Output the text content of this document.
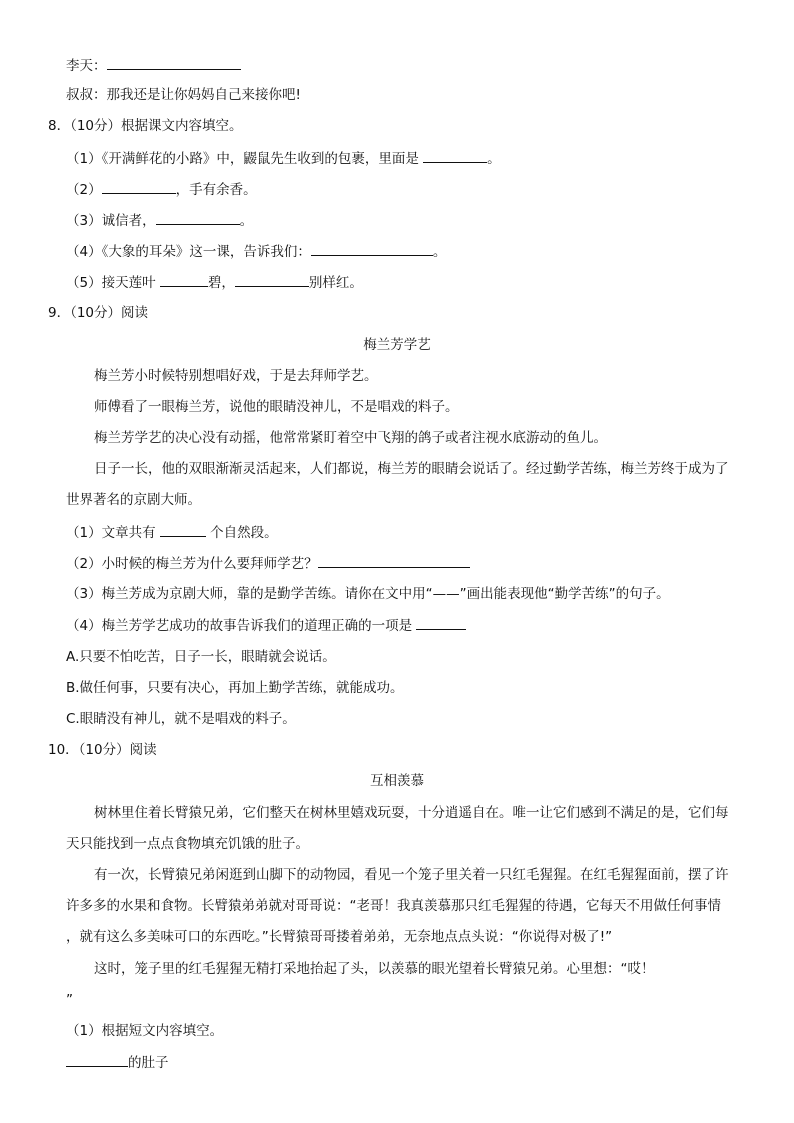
李天：
叔叔：那我还是让你妈妈自己来接你吧!
8．（10分）根据课文内容填空。
（1）《开满鲜花的小路》中，鼹鼠先生收到的包裹，里面是	。
（2）	，手有余香。
（3）诚信者，	。
（4）《大象的耳朵》这一课，告诉我们：	。
（5）接天莲叶	碧，	别样红。
9．（10分）阅读
梅兰芳学艺
梅兰芳小时候特别想唱好戏，于是去拜师学艺。
师傅看了一眼梅兰芳，说他的眼睛没神儿，不是唱戏的料子。
梅兰芳学艺的决心没有动摇，他常常紧盯着空中飞翔的鸽子或者注视水底游动的鱼儿。
日子一长，他的双眼渐渐灵活起来，人们都说，梅兰芳的眼睛会说话了。经过勤学苦练，梅兰芳终于成为了
世界著名的京剧大师。
（1）文章共有	个自然段。
（2）小时候的梅兰芳为什么要拜师学艺？
（3）梅兰芳成为京剧大师，靠的是勤学苦练。请你在文中用“——”画出能表现他“勤学苦练”的句子。
（4）梅兰芳学艺成功的故事告诉我们的道理正确的一项是
A.只要不怕吃苦，日子一长，眼睛就会说话。
B.做任何事，只要有决心，再加上勤学苦练，就能成功。
C.眼睛没有神儿，就不是唱戏的料子。
10．（10分）阅读
互相羡慕
树林里住着长臂猿兄弟，它们整天在树林里嬉戏玩耍，十分逍遥自在。唯一让它们感到不满足的是，它们每
天只能找到一点点食物填充饥饿的肚子。
有一次，长臂猿兄弟闲逛到山脚下的动物园，看见一个笼子里关着一只红毛猩猩。在红毛猩猩面前，摆了许
许多多的水果和食物。长臂猿弟弟就对哥哥说：“老哥！我真羡慕那只红毛猩猩的待遇，它每天不用做任何事情
，就有这么多美味可口的东西吃。”长臂猿哥哥搂着弟弟，无奈地点点头说：“你说得对极了!”
这时，笼子里的红毛猩猩无精打采地抬起了头，以羡慕的眼光望着长臂猿兄弟。心里想：“哎！
”
（1）根据短文内容填空。
的肚子
